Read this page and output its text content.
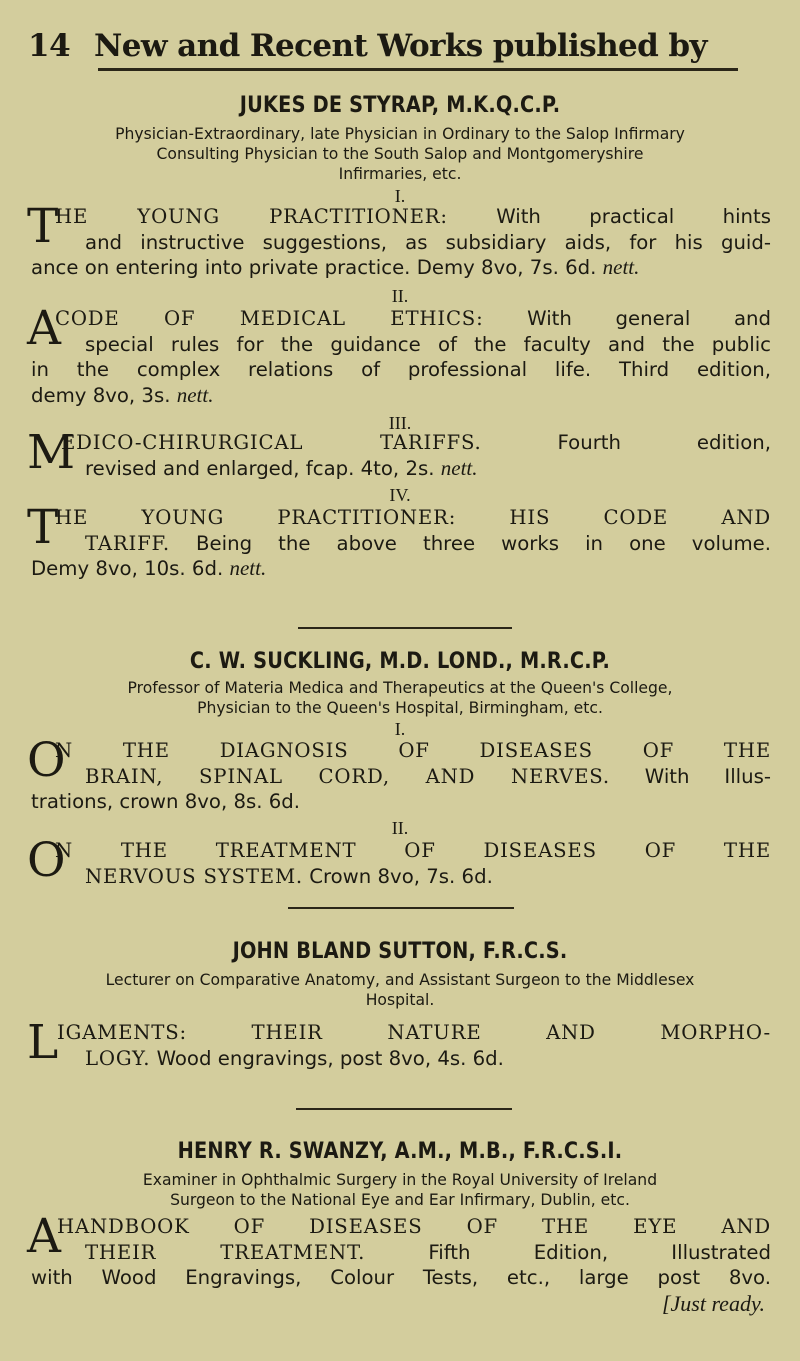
14 New and Recent Works published by
JUKES DE STYRAP, M.K.Q.C.P.
Physician-Extraordinary, late Physician in Ordinary to the Salop Infirmary
Consulting Physician to the South Salop and Montgomeryshire
Infirmaries, etc.
I.
T
HE YOUNG PRACTITIONER: With practical hints
and instructive suggestions, as subsidiary aids, for his guid-
ance on entering into private practice. Demy 8vo, 7s. 6d. nett.
II.
A
CODE OF MEDICAL ETHICS: With general and
special rules for the guidance of the faculty and the public
in the complex relations of professional life. Third edition,
demy 8vo, 3s. nett.
III.
M
EDICO-CHIRURGICAL TARIFFS. Fourth edition,
revised and enlarged, fcap. 4to, 2s. nett.
IV.
T
HE YOUNG PRACTITIONER: HIS CODE AND
TARIFF. Being the above three works in one volume.
Demy 8vo, 10s. 6d. nett.
C. W. SUCKLING, M.D. LOND., M.R.C.P.
Professor of Materia Medica and Therapeutics at the Queen's College,
Physician to the Queen's Hospital, Birmingham, etc.
I.
O
N THE DIAGNOSIS OF DISEASES OF THE
BRAIN, SPINAL CORD, AND NERVES. With Illus-
trations, crown 8vo, 8s. 6d.
II.
O
N THE TREATMENT OF DISEASES OF THE
NERVOUS SYSTEM. Crown 8vo, 7s. 6d.
JOHN BLAND SUTTON, F.R.C.S.
Lecturer on Comparative Anatomy, and Assistant Surgeon to the Middlesex
Hospital.
L
IGAMENTS: THEIR NATURE AND MORPHO-
LOGY. Wood engravings, post 8vo, 4s. 6d.
HENRY R. SWANZY, A.M., M.B., F.R.C.S.I.
Examiner in Ophthalmic Surgery in the Royal University of Ireland
Surgeon to the National Eye and Ear Infirmary, Dublin, etc.
A
HANDBOOK OF DISEASES OF THE EYE AND
THEIR TREATMENT. Fifth Edition, Illustrated
with Wood Engravings, Colour Tests, etc., large post 8vo.
[Just ready.
